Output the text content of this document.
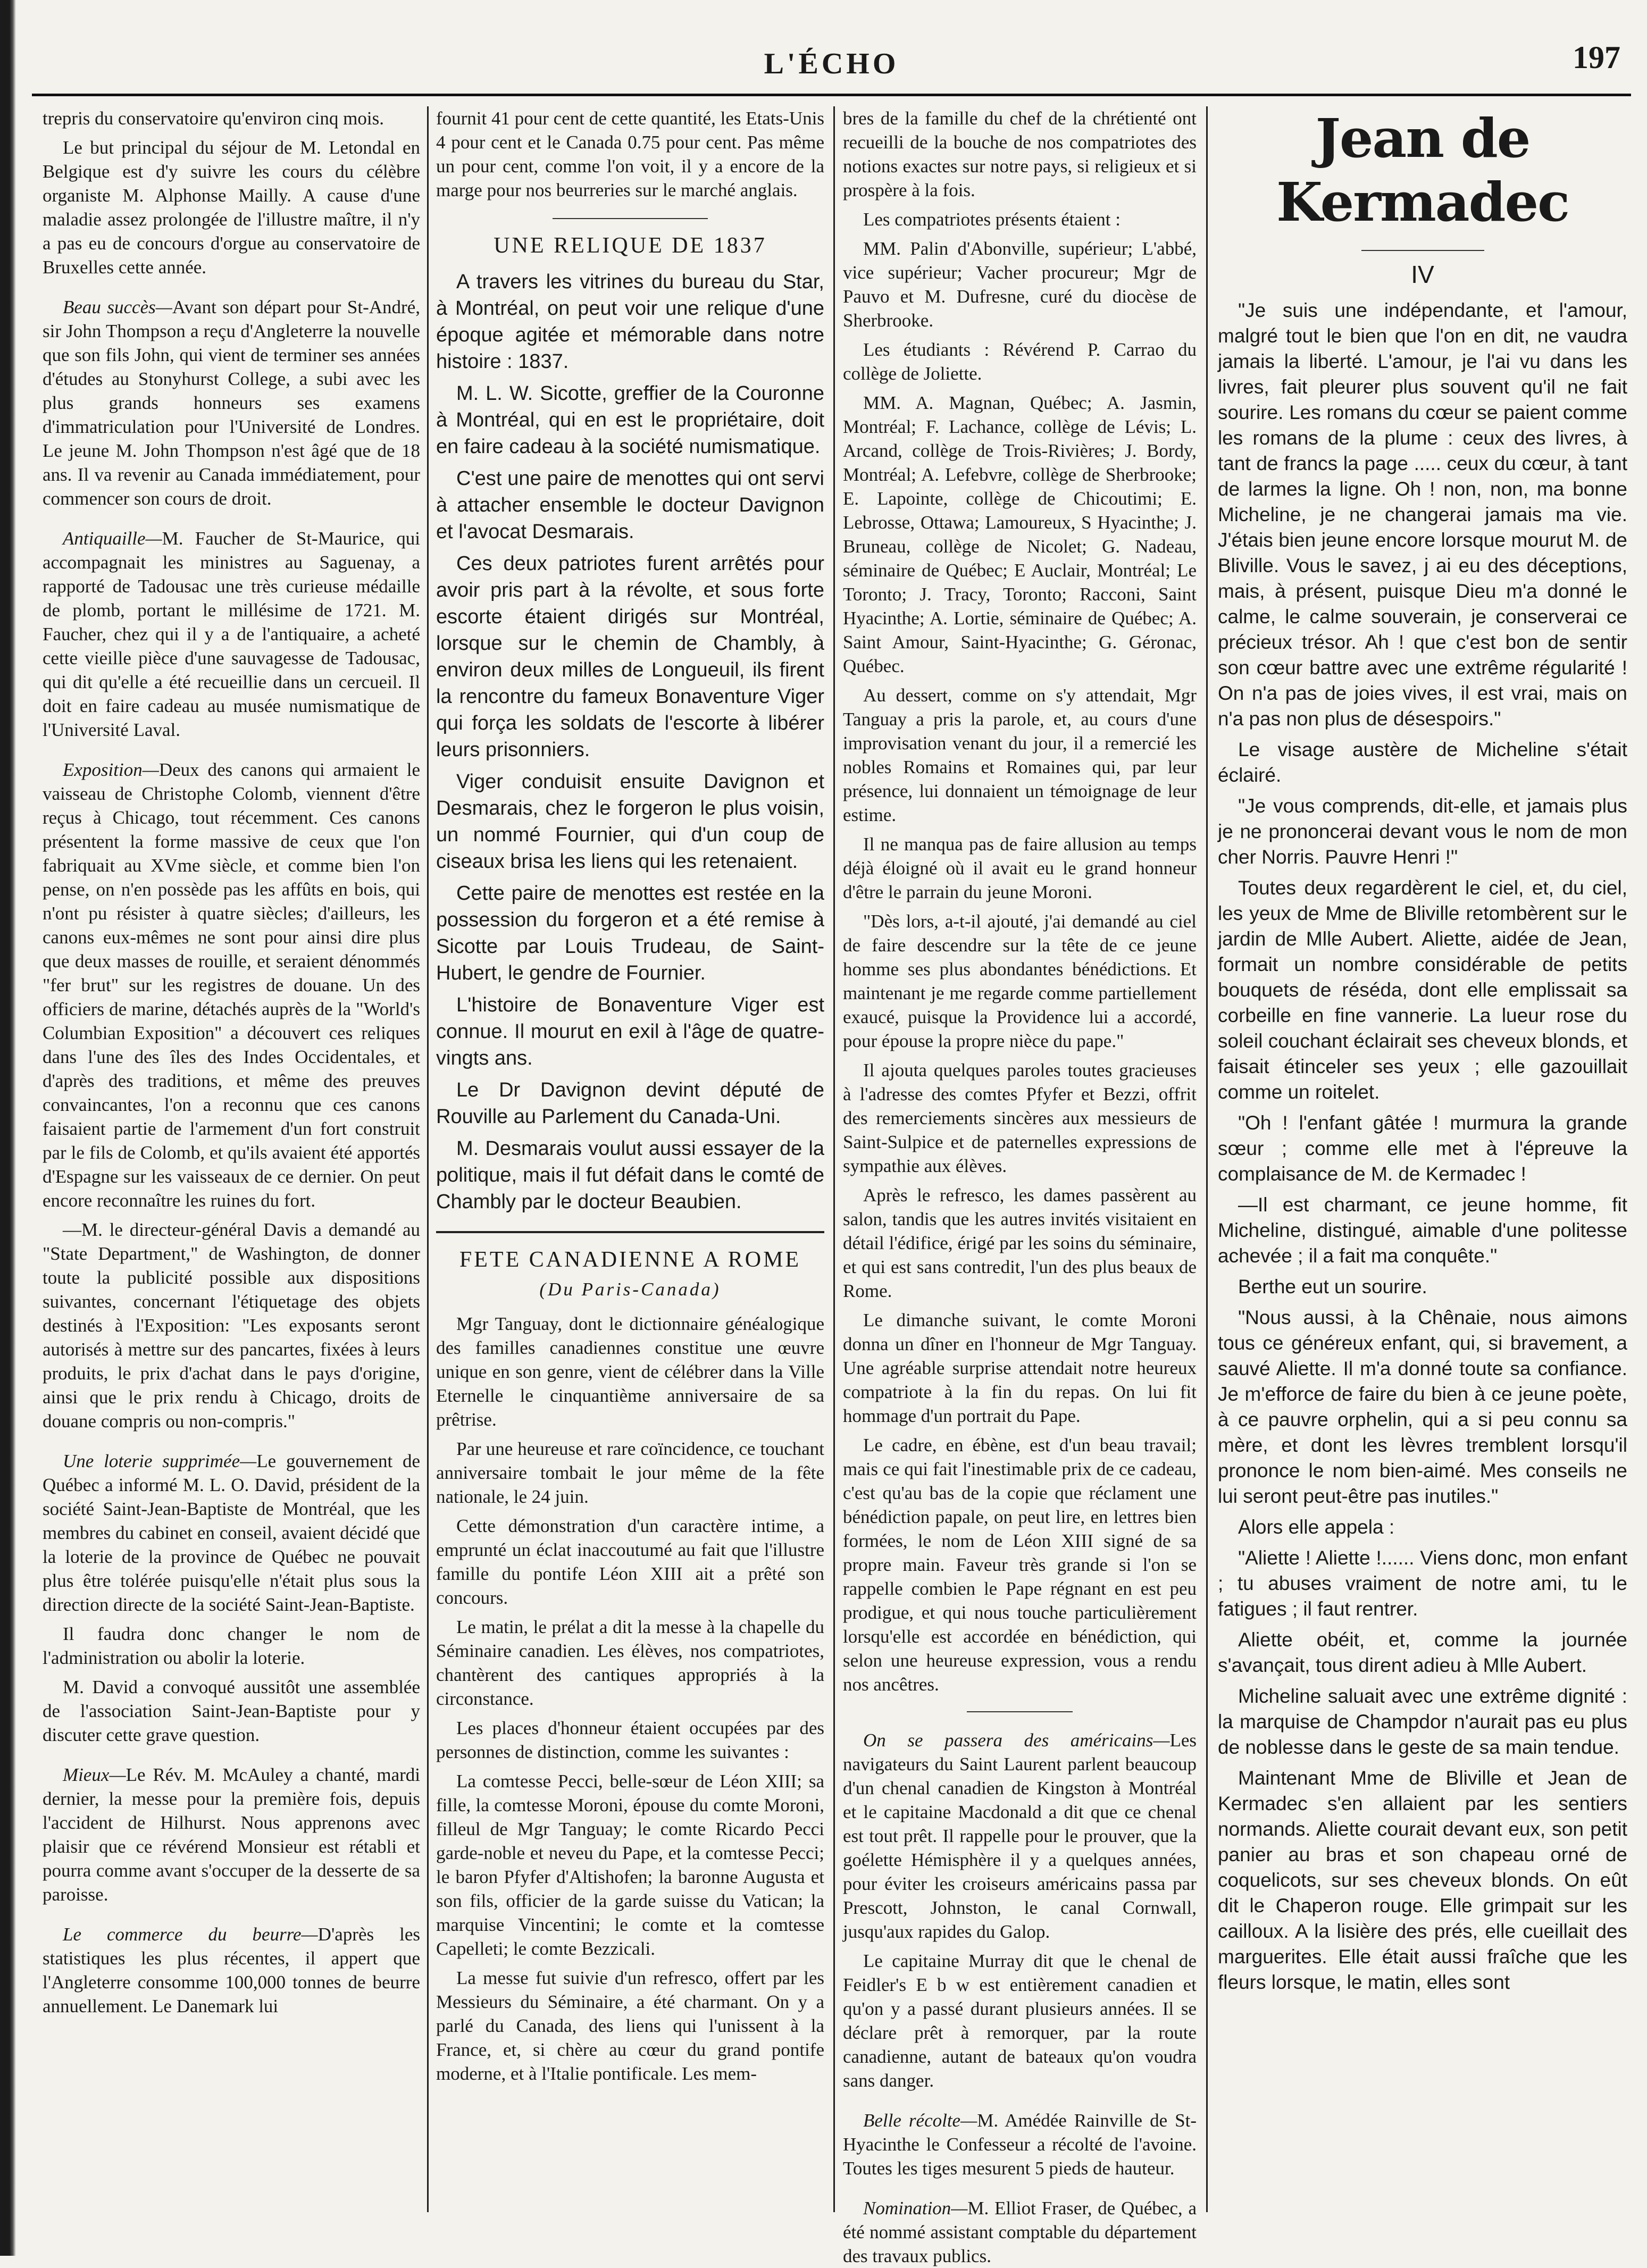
L'ÉCHO	197

trepris du conservatoire qu'environ cinq mois.

Le but principal du séjour de M. Letondal en Belgique est d'y suivre les cours du célèbre organiste M. Alphonse Mailly. A cause d'une maladie assez prolongée de l'illustre maître, il n'y a pas eu de concours d'orgue au conservatoire de Bruxelles cette année.

Beau succès—Avant son départ pour St-André, sir John Thompson a reçu d'Angleterre la nouvelle que son fils John, qui vient de terminer ses années d'études au Stonyhurst College, a subi avec les plus grands honneurs ses examens d'immatriculation pour l'Université de Londres. Le jeune M. John Thompson n'est âgé que de 18 ans. Il va revenir au Canada immédiatement, pour commencer son cours de droit.

Antiquaille—M. Faucher de St-Maurice, qui accompagnait les ministres au Saguenay, a rapporté de Tadousac une très curieuse médaille de plomb, portant le millésime de 1721. M. Faucher, chez qui il y a de l'antiquaire, a acheté cette vieille pièce d'une sauvagesse de Tadousac, qui dit qu'elle a été recueillie dans un cercueil. Il doit en faire cadeau au musée numismatique de l'Université Laval.

Exposition—Deux des canons qui armaient le vaisseau de Christophe Colomb, viennent d'être reçus à Chicago, tout récemment. Ces canons présentent la forme massive de ceux que l'on fabriquait au XVme siècle, et comme bien l'on pense, on n'en possède pas les affûts en bois, qui n'ont pu résister à quatre siècles; d'ailleurs, les canons eux-mêmes ne sont pour ainsi dire plus que deux masses de rouille, et seraient dénommés "fer brut" sur les registres de douane. Un des officiers de marine, détachés auprès de la "World's Columbian Exposition" a découvert ces reliques dans l'une des îles des Indes Occidentales, et d'après des traditions, et même des preuves convaincantes, l'on a reconnu que ces canons faisaient partie de l'armement d'un fort construit par le fils de Colomb, et qu'ils avaient été apportés d'Espagne sur les vaisseaux de ce dernier. On peut encore reconnaître les ruines du fort.

—M. le directeur-général Davis a demandé au "State Department," de Washington, de donner toute la publicité possible aux dispositions suivantes, concernant l'étiquetage des objets destinés à l'Exposition: "Les exposants seront autorisés à mettre sur des pancartes, fixées à leurs produits, le prix d'achat dans le pays d'origine, ainsi que le prix rendu à Chicago, droits de douane compris ou non-compris."

Une loterie supprimée—Le gouvernement de Québec a informé M. L. O. David, président de la société Saint-Jean-Baptiste de Montréal, que les membres du cabinet en conseil, avaient décidé que la loterie de la province de Québec ne pouvait plus être tolérée puisqu'elle n'était plus sous la direction directe de la société Saint-Jean-Baptiste.

Il faudra donc changer le nom de l'administration ou abolir la loterie.

M. David a convoqué aussitôt une assemblée de l'association Saint-Jean-Baptiste pour y discuter cette grave question.

Mieux—Le Rév. M. McAuley a chanté, mardi dernier, la messe pour la première fois, depuis l'accident de Hilhurst. Nous apprenons avec plaisir que ce révérend Monsieur est rétabli et pourra comme avant s'occuper de la desserte de sa paroisse.

Le commerce du beurre—D'après les statistiques les plus récentes, il appert que l'Angleterre consomme 100,000 tonnes de beurre annuellement. Le Danemark lui

fournit 41 pour cent de cette quantité, les Etats-Unis 4 pour cent et le Canada 0.75 pour cent. Pas même un pour cent, comme l'on voit, il y a encore de la marge pour nos beurreries sur le marché anglais.

UNE RELIQUE DE 1837

A travers les vitrines du bureau du Star, à Montréal, on peut voir une relique d'une époque agitée et mémorable dans notre histoire : 1837.

M. L. W. Sicotte, greffier de la Couronne à Montréal, qui en est le propriétaire, doit en faire cadeau à la société numismatique.

C'est une paire de menottes qui ont servi à attacher ensemble le docteur Davignon et l'avocat Desmarais.

Ces deux patriotes furent arrêtés pour avoir pris part à la révolte, et sous forte escorte étaient dirigés sur Montréal, lorsque sur le chemin de Chambly, à environ deux milles de Longueuil, ils firent la rencontre du fameux Bonaventure Viger qui força les soldats de l'escorte à libérer leurs prisonniers.

Viger conduisit ensuite Davignon et Desmarais, chez le forgeron le plus voisin, un nommé Fournier, qui d'un coup de ciseaux brisa les liens qui les retenaient.

Cette paire de menottes est restée en la possession du forgeron et a été remise à Sicotte par Louis Trudeau, de Saint-Hubert, le gendre de Fournier.

L'histoire de Bonaventure Viger est connue. Il mourut en exil à l'âge de quatre-vingts ans.

Le Dr Davignon devint député de Rouville au Parlement du Canada-Uni.

M. Desmarais voulut aussi essayer de la politique, mais il fut défait dans le comté de Chambly par le docteur Beaubien.

FETE CANADIENNE A ROME
(Du Paris-Canada)

Mgr Tanguay, dont le dictionnaire généalogique des familles canadiennes constitue une œuvre unique en son genre, vient de célébrer dans la Ville Eternelle le cinquantième anniversaire de sa prêtrise.

Par une heureuse et rare coïncidence, ce touchant anniversaire tombait le jour même de la fête nationale, le 24 juin.

Cette démonstration d'un caractère intime, a emprunté un éclat inaccoutumé au fait que l'illustre famille du pontife Léon XIII ait a prêté son concours.

Le matin, le prélat a dit la messe à la chapelle du Séminaire canadien. Les élèves, nos compatriotes, chantèrent des cantiques appropriés à la circonstance.

Les places d'honneur étaient occupées par des personnes de distinction, comme les suivantes :

La comtesse Pecci, belle-sœur de Léon XIII; sa fille, la comtesse Moroni, épouse du comte Moroni, filleul de Mgr Tanguay; le comte Ricardo Pecci garde-noble et neveu du Pape, et la comtesse Pecci; le baron Pfyfer d'Altishofen; la baronne Augusta et son fils, officier de la garde suisse du Vatican; la marquise Vincentini; le comte et la comtesse Capelleti; le comte Bezzicali.

La messe fut suivie d'un refresco, offert par les Messieurs du Séminaire, a été charmant. On y a parlé du Canada, des liens qui l'unissent à la France, et, si chère au cœur du grand pontife moderne, et à l'Italie pontificale. Les mem-

bres de la famille du chef de la chrétienté ont recueilli de la bouche de nos compatriotes des notions exactes sur notre pays, si religieux et si prospère à la fois.

Les compatriotes présents étaient :

MM. Palin d'Abonville, supérieur; L'abbé, vice supérieur; Vacher procureur; Mgr de Pauvo et M. Dufresne, curé du diocèse de Sherbrooke.

Les étudiants : Révérend P. Carrao du collège de Joliette.

MM. A. Magnan, Québec; A. Jasmin, Montréal; F. Lachance, collège de Lévis; L. Arcand, collège de Trois-Rivières; J. Bordy, Montréal; A. Lefebvre, collège de Sherbrooke; E. Lapointe, collège de Chicoutimi; E. Lebrosse, Ottawa; Lamoureux, S Hyacinthe; J. Bruneau, collège de Nicolet; G. Nadeau, séminaire de Québec; E Auclair, Montréal; Le Toronto; J. Tracy, Toronto; Racconi, Saint Hyacinthe; A. Lortie, séminaire de Québec; A. Saint Amour, Saint-Hyacinthe; G. Géronac, Québec.

Au dessert, comme on s'y attendait, Mgr Tanguay a pris la parole, et, au cours d'une improvisation venant du jour, il a remercié les nobles Romains et Romaines qui, par leur présence, lui donnaient un témoignage de leur estime.

Il ne manqua pas de faire allusion au temps déjà éloigné où il avait eu le grand honneur d'être le parrain du jeune Moroni.

"Dès lors, a-t-il ajouté, j'ai demandé au ciel de faire descendre sur la tête de ce jeune homme ses plus abondantes bénédictions. Et maintenant je me regarde comme partiellement exaucé, puisque la Providence lui a accordé, pour épouse la propre nièce du pape."

Il ajouta quelques paroles toutes gracieuses à l'adresse des comtes Pfyfer et Bezzi, offrit des remerciements sincères aux messieurs de Saint-Sulpice et de paternelles expressions de sympathie aux élèves.

Après le refresco, les dames passèrent au salon, tandis que les autres invités visitaient en détail l'édifice, érigé par les soins du séminaire, et qui est sans contredit, l'un des plus beaux de Rome.

Le dimanche suivant, le comte Moroni donna un dîner en l'honneur de Mgr Tanguay. Une agréable surprise attendait notre heureux compatriote à la fin du repas. On lui fit hommage d'un portrait du Pape.

Le cadre, en ébène, est d'un beau travail; mais ce qui fait l'inestimable prix de ce cadeau, c'est qu'au bas de la copie que réclament une bénédiction papale, on peut lire, en lettres bien formées, le nom de Léon XIII signé de sa propre main. Faveur très grande si l'on se rappelle combien le Pape régnant en est peu prodigue, et qui nous touche particulièrement lorsqu'elle est accordée en bénédiction, qui selon une heureuse expression, vous a rendu nos ancêtres.

On se passera des américains—Les navigateurs du Saint Laurent parlent beaucoup d'un chenal canadien de Kingston à Montréal et le capitaine Macdonald a dit que ce chenal est tout prêt. Il rappelle pour le prouver, que la goélette Hémisphère il y a quelques années, pour éviter les croiseurs américains passa par Prescott, Johnston, le canal Cornwall, jusqu'aux rapides du Galop.

Le capitaine Murray dit que le chenal de Feidler's E b w est entièrement canadien et qu'on y a passé durant plusieurs années. Il se déclare prêt à remorquer, par la route canadienne, autant de bateaux qu'on voudra sans danger.

Belle récolte—M. Amédée Rainville de St-Hyacinthe le Confesseur a récolté de l'avoine. Toutes les tiges mesurent 5 pieds de hauteur.

Nomination—M. Elliot Fraser, de Québec, a été nommé assistant comptable du département des travaux publics.

Jean de Kermadec
IV

"Je suis une indépendante, et l'amour, malgré tout le bien que l'on en dit, ne vaudra jamais la liberté. L'amour, je l'ai vu dans les livres, fait pleurer plus souvent qu'il ne fait sourire. Les romans du cœur se paient comme les romans de la plume : ceux des livres, à tant de francs la page ..... ceux du cœur, à tant de larmes la ligne. Oh ! non, non, ma bonne Micheline, je ne changerai jamais ma vie. J'étais bien jeune encore lorsque mourut M. de Bliville. Vous le savez, j ai eu des déceptions, mais, à présent, puisque Dieu m'a donné le calme, le calme souverain, je conserverai ce précieux trésor. Ah ! que c'est bon de sentir son cœur battre avec une extrême régularité ! On n'a pas de joies vives, il est vrai, mais on n'a pas non plus de désespoirs."

Le visage austère de Micheline s'était éclairé.

"Je vous comprends, dit-elle, et jamais plus je ne prononcerai devant vous le nom de mon cher Norris. Pauvre Henri !"

Toutes deux regardèrent le ciel, et, du ciel, les yeux de Mme de Bliville retombèrent sur le jardin de Mlle Aubert. Aliette, aidée de Jean, formait un nombre considérable de petits bouquets de réséda, dont elle emplissait sa corbeille en fine vannerie. La lueur rose du soleil couchant éclairait ses cheveux blonds, et faisait étinceler ses yeux ; elle gazouillait comme un roitelet.

"Oh ! l'enfant gâtée ! murmura la grande sœur ; comme elle met à l'épreuve la complaisance de M. de Kermadec !

—Il est charmant, ce jeune homme, fit Micheline, distingué, aimable d'une politesse achevée ; il a fait ma conquête."

Berthe eut un sourire.

"Nous aussi, à la Chênaie, nous aimons tous ce généreux enfant, qui, si bravement, a sauvé Aliette. Il m'a donné toute sa confiance. Je m'efforce de faire du bien à ce jeune poète, à ce pauvre orphelin, qui a si peu connu sa mère, et dont les lèvres tremblent lorsqu'il prononce le nom bien-aimé. Mes conseils ne lui seront peut-être pas inutiles."

Alors elle appela :

"Aliette ! Aliette !...... Viens donc, mon enfant ; tu abuses vraiment de notre ami, tu le fatigues ; il faut rentrer.

Aliette obéit, et, comme la journée s'avançait, tous dirent adieu à Mlle Aubert.

Micheline saluait avec une extrême dignité : la marquise de Champdor n'aurait pas eu plus de noblesse dans le geste de sa main tendue.

Maintenant Mme de Bliville et Jean de Kermadec s'en allaient par les sentiers normands. Aliette courait devant eux, son petit panier au bras et son chapeau orné de coquelicots, sur ses cheveux blonds. On eût dit le Chaperon rouge. Elle grimpait sur les cailloux. A la lisière des prés, elle cueillait des marguerites. Elle était aussi fraîche que les fleurs lorsque, le matin, elles sont
